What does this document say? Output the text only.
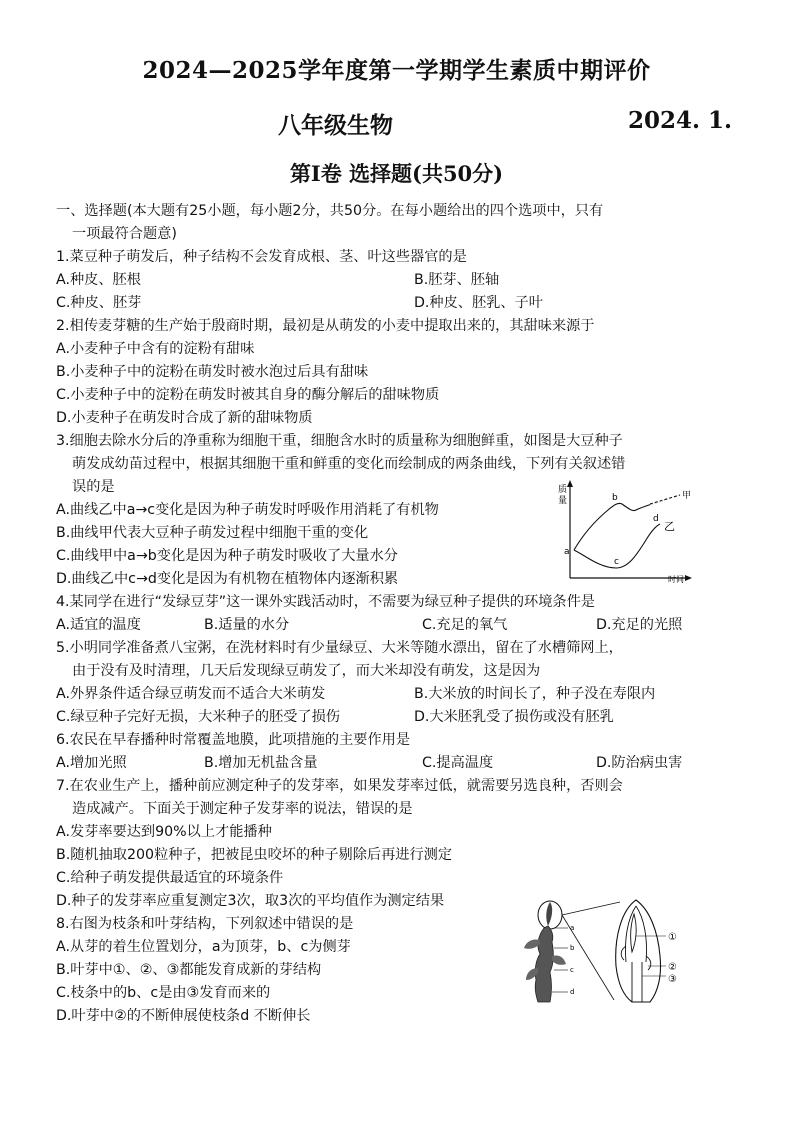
2024—2025学年度第一学期学生素质中期评价
八年级生物	2024. 1.
第Ⅰ卷 选择题(共50分)
一、选择题(本大题有25小题，每小题2分，共50分。在每小题给出的四个选项中，只有
一项最符合题意)
1.菜豆种子萌发后，种子结构不会发育成根、茎、叶这些器官的是
A.种皮、胚根	B.胚芽、胚轴
C.种皮、胚芽	D.种皮、胚乳、子叶
2.相传麦芽糖的生产始于殷商时期，最初是从萌发的小麦中提取出来的，其甜味来源于
A.小麦种子中含有的淀粉有甜味
B.小麦种子中的淀粉在萌发时被水泡过后具有甜味
C.小麦种子中的淀粉在萌发时被其自身的酶分解后的甜味物质
D.小麦种子在萌发时合成了新的甜味物质
3.细胞去除水分后的净重称为细胞干重，细胞含水时的质量称为细胞鲜重，如图是大豆种子
萌发成幼苗过程中，根据其细胞干重和鲜重的变化而绘制成的两条曲线，下列有关叙述错
误的是
A.曲线乙中a→c变化是因为种子萌发时呼吸作用消耗了有机物
B.曲线甲代表大豆种子萌发过程中细胞干重的变化
C.曲线甲中a→b变化是因为种子萌发时吸收了大量水分
D.曲线乙中c→d变化是因为有机物在植物体内逐渐积累
4.某同学在进行“发绿豆芽”这一课外实践活动时，不需要为绿豆种子提供的环境条件是
A.适宜的温度	B.适量的水分	C.充足的氧气	D.充足的光照
5.小明同学准备煮八宝粥，在洗材料时有少量绿豆、大米等随水漂出，留在了水槽筛网上，
由于没有及时清理，几天后发现绿豆萌发了，而大米却没有萌发，这是因为
A.外界条件适合绿豆萌发而不适合大米萌发	B.大米放的时间长了，种子没在寿限内
C.绿豆种子完好无损，大米种子的胚受了损伤	D.大米胚乳受了损伤或没有胚乳
6.农民在早春播种时常覆盖地膜，此项措施的主要作用是
A.增加光照	B.增加无机盐含量	C.提高温度	D.防治病虫害
7.在农业生产上，播种前应测定种子的发芽率，如果发芽率过低，就需要另选良种，否则会
造成减产。下面关于测定种子发芽率的说法，错误的是
A.发芽率要达到90%以上才能播种
B.随机抽取200粒种子，把被昆虫咬坏的种子剔除后再进行测定
C.给种子萌发提供最适宜的环境条件
D.种子的发芽率应重复测定3次，取3次的平均值作为测定结果
8.右图为枝条和叶芽结构，下列叙述中错误的是
A.从芽的着生位置划分，a为顶芽，b、c为侧芽
B.叶芽中①、②、③都能发育成新的芽结构
C.枝条中的b、c是由③发育而来的
D.叶芽中②的不断伸展使枝条d 不断伸长
质
量
时间
甲
乙
a
b
c
d
a
b
c
d
①
②
③
